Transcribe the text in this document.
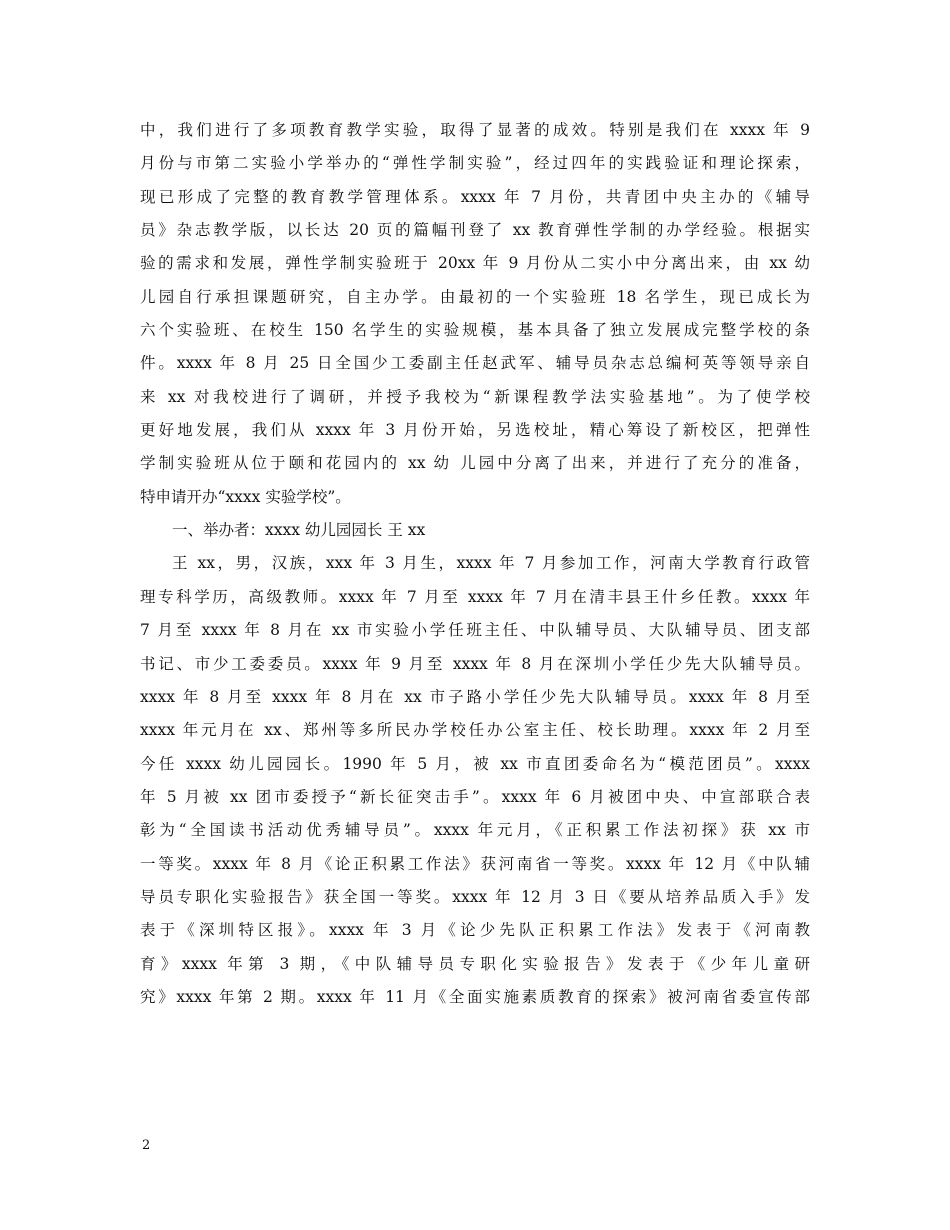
中，我们进行了多项教育教学实验，取得了显著的成效。特别是我们在 xxxx 年 9
月份与市第二实验小学举办的“弹性学制实验”，经过四年的实践验证和理论探索，
现已形成了完整的教育教学管理体系。xxxx 年 7 月份，共青团中央主办的《辅导
员》杂志教学版，以长达 20 页的篇幅刊登了 xx 教育弹性学制的办学经验。根据实
验的需求和发展，弹性学制实验班于 20xx 年 9 月份从二实小中分离出来，由 xx 幼
儿园自行承担课题研究，自主办学。由最初的一个实验班 18 名学生，现已成长为
六个实验班、在校生 150 名学生的实验规模，基本具备了独立发展成完整学校的条
件。xxxx 年 8 月 25 日全国少工委副主任赵武军、辅导员杂志总编柯英等领导亲自
来 xx 对我校进行了调研，并授予我校为“新课程教学法实验基地”。为了使学校
更好地发展，我们从 xxxx 年 3 月份开始，另选校址，精心筹设了新校区，把弹性
学制实验班从位于颐和花园内的 xx 幼 儿园中分离了出来，并进行了充分的准备，
特申请开办“xxxx 实验学校”。
一、举办者：xxxx 幼儿园园长 王 xx
王 xx，男，汉族，xxx 年 3 月生，xxxx 年 7 月参加工作，河南大学教育行政管
理专科学历，高级教师。xxxx 年 7 月至 xxxx 年 7 月在清丰县王什乡任教。xxxx 年
7 月至 xxxx 年 8 月在 xx 市实验小学任班主任、中队辅导员、大队辅导员、团支部
书记、市少工委委员。xxxx 年 9 月至 xxxx 年 8 月在深圳小学任少先大队辅导员。
xxxx 年 8 月至 xxxx 年 8 月在 xx 市子路小学任少先大队辅导员。xxxx 年 8 月至
xxxx 年元月在 xx、郑州等多所民办学校任办公室主任、校长助理。xxxx 年 2 月至
今任 xxxx 幼儿园园长。1990 年 5 月，被 xx 市直团委命名为“模范团员”。xxxx
年 5 月被 xx 团市委授予“新长征突击手”。xxxx 年 6 月被团中央、中宣部联合表
彰为“全国读书活动优秀辅导员”。xxxx 年元月，《正积累工作法初探》获 xx 市
一等奖。xxxx 年 8 月《论正积累工作法》获河南省一等奖。xxxx 年 12 月《中队辅
导员专职化实验报告》获全国一等奖。xxxx 年 12 月 3 日《要从培养品质入手》发
表于《深圳特区报》。xxxx 年 3 月《论少先队正积累工作法》发表于《河南教
育》xxxx 年第 3 期，《中队辅导员专职化实验报告》发表于《少年儿童研
究》xxxx 年第 2 期。xxxx 年 11 月《全面实施素质教育的探索》被河南省委宣传部
2
